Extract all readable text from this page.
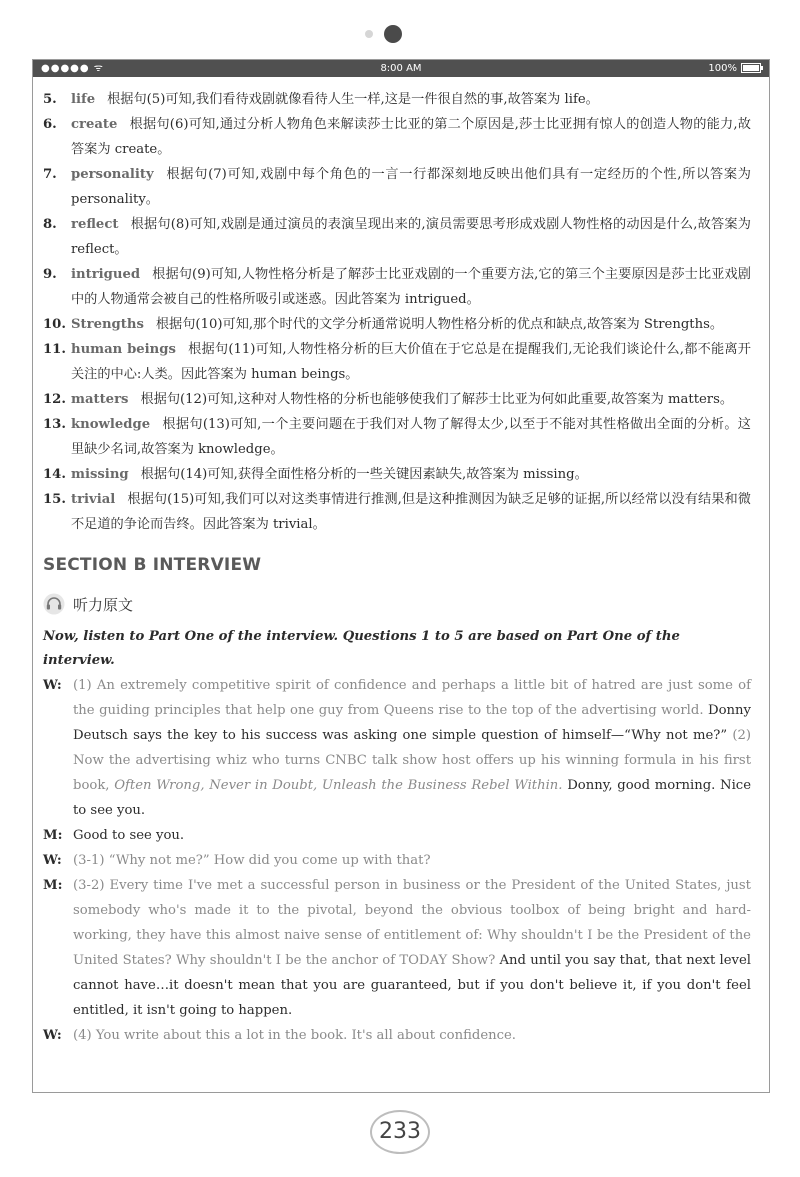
●●●●● ᯤ	8:00 AM	100%
5.	life 根据句(5)可知,我们看待戏剧就像看待人生一样,这是一件很自然的事,故答案为 life。
6.	create 根据句(6)可知,通过分析人物角色来解读莎士比亚的第二个原因是,莎士比亚拥有惊人的创造人物的能力,故答案为 create。
7.	personality 根据句(7)可知,戏剧中每个角色的一言一行都深刻地反映出他们具有一定经历的个性,所以答案为 personality。
8.	reflect 根据句(8)可知,戏剧是通过演员的表演呈现出来的,演员需要思考形成戏剧人物性格的动因是什么,故答案为 reflect。
9.	intrigued 根据句(9)可知,人物性格分析是了解莎士比亚戏剧的一个重要方法,它的第三个主要原因是莎士比亚戏剧中的人物通常会被自己的性格所吸引或迷惑。因此答案为 intrigued。
10. Strengths 根据句(10)可知,那个时代的文学分析通常说明人物性格分析的优点和缺点,故答案为 Strengths。
11. human beings 根据句(11)可知,人物性格分析的巨大价值在于它总是在提醒我们,无论我们谈论什么,都不能离开关注的中心:人类。因此答案为 human beings。
12. matters 根据句(12)可知,这种对人物性格的分析也能够使我们了解莎士比亚为何如此重要,故答案为 matters。
13. knowledge 根据句(13)可知,一个主要问题在于我们对人物了解得太少,以至于不能对其性格做出全面的分析。这里缺少名词,故答案为 knowledge。
14. missing 根据句(14)可知,获得全面性格分析的一些关键因素缺失,故答案为 missing。
15. trivial 根据句(15)可知,我们可以对这类事情进行推测,但是这种推测因为缺乏足够的证据,所以经常以没有结果和微不足道的争论而告终。因此答案为 trivial。
SECTION B INTERVIEW
听力原文
Now, listen to Part One of the interview. Questions 1 to 5 are based on Part One of the interview.
W: (1) An extremely competitive spirit of confidence and perhaps a little bit of hatred are just some of the guiding principles that help one guy from Queens rise to the top of the advertising world. Donny Deutsch says the key to his success was asking one simple question of himself—“Why not me?” (2) Now the advertising whiz who turns CNBC talk show host offers up his winning formula in his first book, Often Wrong, Never in Doubt, Unleash the Business Rebel Within. Donny, good morning. Nice to see you.
M: Good to see you.
W: (3-1) “Why not me?” How did you come up with that?
M: (3-2) Every time I've met a successful person in business or the President of the United States, just somebody who's made it to the pivotal, beyond the obvious toolbox of being bright and hard-working, they have this almost naive sense of entitlement of: Why shouldn't I be the President of the United States? Why shouldn't I be the anchor of TODAY Show? And until you say that, that next level cannot have…it doesn't mean that you are guaranteed, but if you don't believe it, if you don't feel entitled, it isn't going to happen.
W: (4) You write about this a lot in the book. It's all about confidence.
233
